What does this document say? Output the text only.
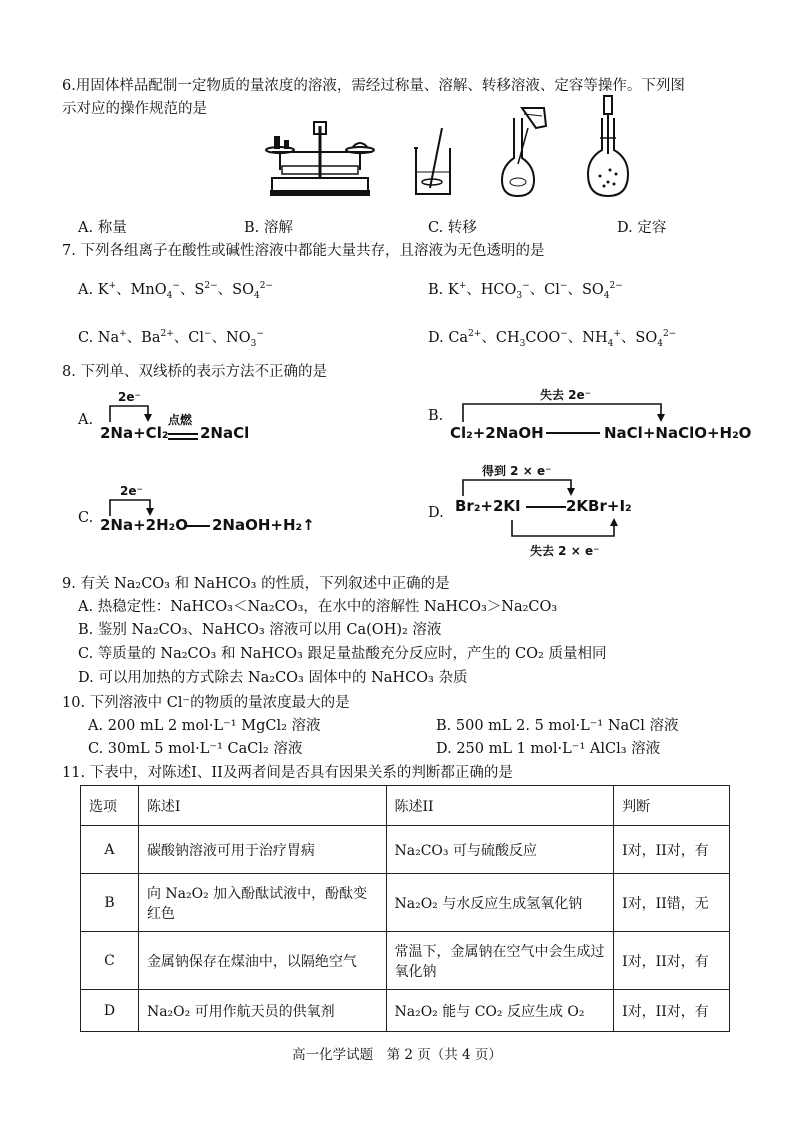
6.用固体样品配制一定物质的量浓度的溶液，需经过称量、溶解、转移溶液、定容等操作。下列图
示对应的操作规范的是
A. 称量	B. 溶解	C. 转移	D. 定容
7. 下列各组离子在酸性或碱性溶液中都能大量共存，且溶液为无色透明的是
A. K+、MnO$_4$−、$S^{2-}$、$SO_4^{2-}$	B. K+、$HCO_3^-$、Cl−、$SO_4^{2-}$
C. Na+、$Ba^{2+}$、Cl−、$NO_3^-$	D. $Ca^{2+}$、$CH_3COO^-$、$NH_4^+$、$SO_4^{2-}$
8. 下列单、双线桥的表示方法不正确的是
A.
2e⁻
点燃
2Na+Cl₂ 2NaCl
B.
失去 2e⁻
Cl₂+2NaOH	NaCl+NaClO+H₂O
C.
2e⁻
2Na+2H₂O 2NaOH+H₂↑
D.
得到 2 × e⁻
Br₂+2KI	2KBr+I₂
失去 2 × e⁻
9. 有关 Na₂CO₃ 和 NaHCO₃ 的性质，下列叙述中正确的是
A. 热稳定性：NaHCO₃＜Na₂CO₃，在水中的溶解性 NaHCO₃＞Na₂CO₃
B. 鉴别 Na₂CO₃、NaHCO₃ 溶液可以用 Ca(OH)₂ 溶液
C. 等质量的 Na₂CO₃ 和 NaHCO₃ 跟足量盐酸充分反应时，产生的 CO₂ 质量相同
D. 可以用加热的方式除去 Na₂CO₃ 固体中的 NaHCO₃ 杂质
10. 下列溶液中 Cl⁻的物质的量浓度最大的是
A. 200 mL 2 mol·L⁻¹ MgCl₂ 溶液	B. 500 mL 2. 5 mol·L⁻¹ NaCl 溶液
C. 30mL 5 mol·L⁻¹ CaCl₂ 溶液	D. 250 mL 1 mol·L⁻¹ AlCl₃ 溶液
11. 下表中，对陈述I、II及两者间是否具有因果关系的判断都正确的是
选项	陈述I	陈述II	判断
A	碳酸钠溶液可用于治疗胃病	Na₂CO₃ 可与硫酸反应	I对，II对，有
B	向 Na₂O₂ 加入酚酞试液中，酚酞变红色	Na₂O₂ 与水反应生成氢氧化钠	I对，II错，无
C	金属钠保存在煤油中，以隔绝空气	常温下，金属钠在空气中会生成过氧化钠	I对，II对，有
D	Na₂O₂ 可用作航天员的供氧剂	Na₂O₂ 能与 CO₂ 反应生成 O₂	I对，II对，有
高一化学试题　第 2 页（共 4 页）
